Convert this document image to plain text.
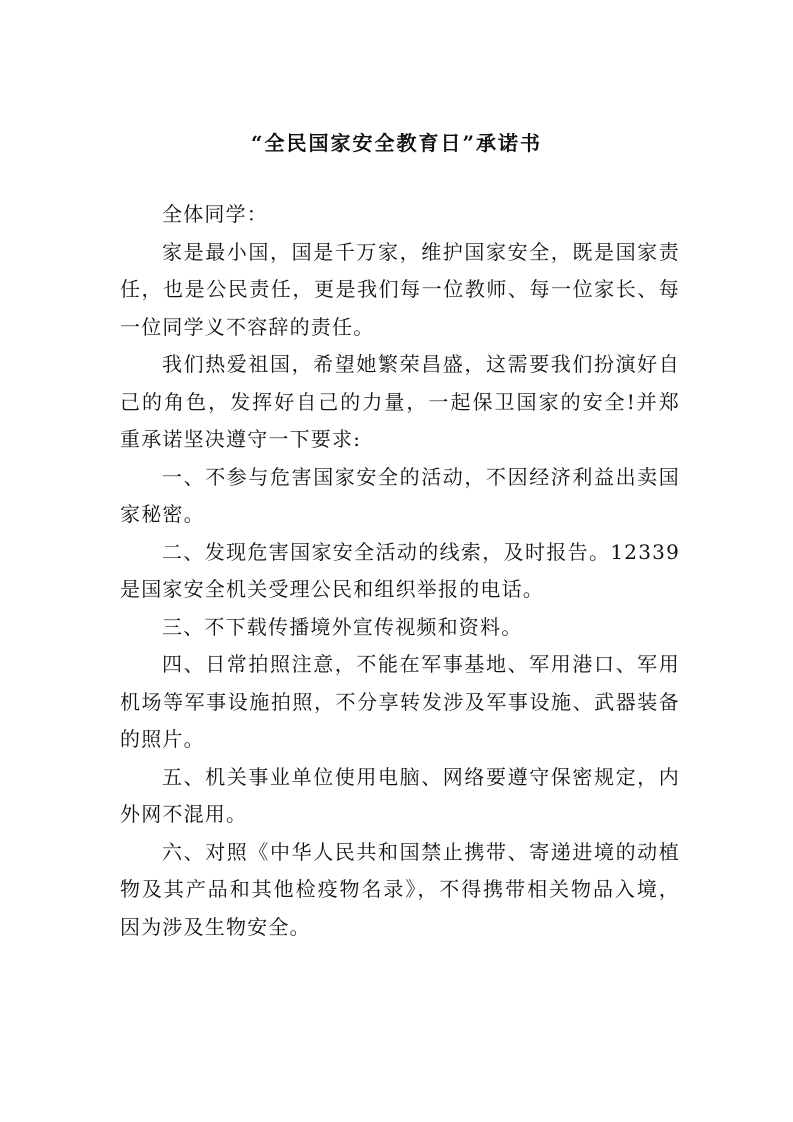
“全民国家安全教育日”承诺书

全体同学：

家是最小国，国是千万家，维护国家安全，既是国家责任，也是公民责任，更是我们每一位教师、每一位家长、每一位同学义不容辞的责任。

我们热爱祖国，希望她繁荣昌盛，这需要我们扮演好自己的角色，发挥好自己的力量，一起保卫国家的安全!并郑重承诺坚决遵守一下要求:

一、不参与危害国家安全的活动，不因经济利益出卖国家秘密。

二、发现危害国家安全活动的线索，及时报告。12339是国家安全机关受理公民和组织举报的电话。

三、不下载传播境外宣传视频和资料。

四、日常拍照注意，不能在军事基地、军用港口、军用机场等军事设施拍照，不分享转发涉及军事设施、武器装备的照片。

五、机关事业单位使用电脑、网络要遵守保密规定，内外网不混用。

六、对照《中华人民共和国禁止携带、寄递进境的动植物及其产品和其他检疫物名录》，不得携带相关物品入境，因为涉及生物安全。
